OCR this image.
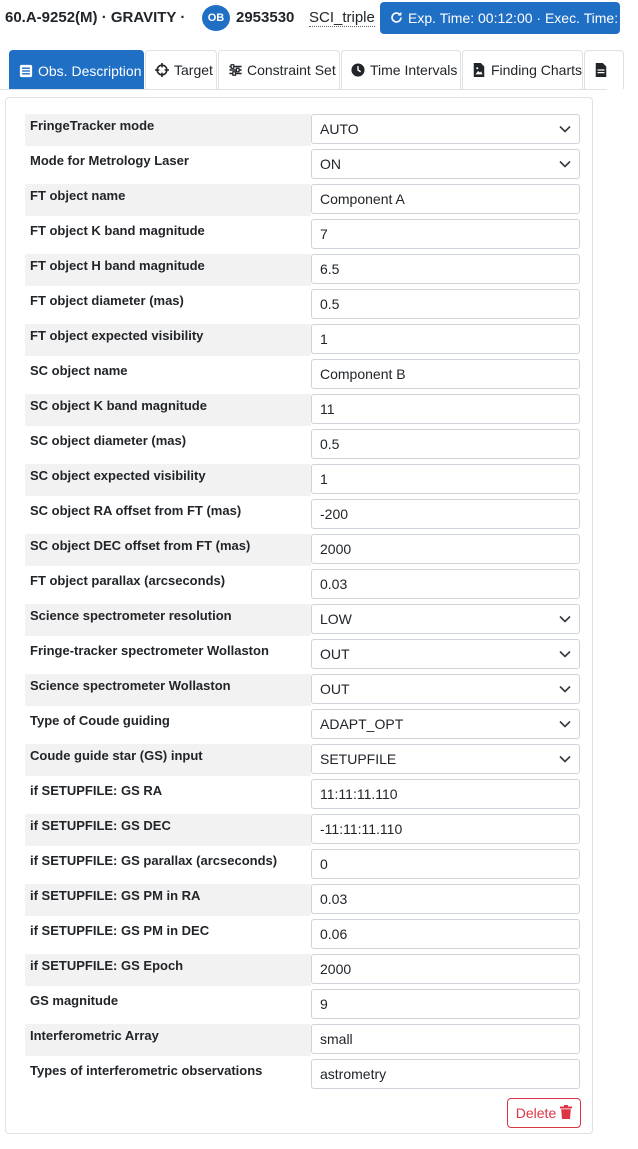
60.A-9252(M) · GRAVITY ·	OB 2953530 SCI_triple	Exp. Time: 00:12:00 · Exec. Time: 00
Obs. Description Target Constraint Set Time Intervals Finding Charts
FringeTracker mode	AUTO
Mode for Metrology Laser	ON
FT object name	Component A
FT object K band magnitude	7
FT object H band magnitude	6.5
FT object diameter (mas)	0.5
FT object expected visibility	1
SC object name	Component B
SC object K band magnitude	11
SC object diameter (mas)	0.5
SC object expected visibility	1
SC object RA offset from FT (mas)	-200
SC object DEC offset from FT (mas)	2000
FT object parallax (arcseconds)	0.03
Science spectrometer resolution	LOW
Fringe-tracker spectrometer Wollaston	OUT
Science spectrometer Wollaston	OUT
Type of Coude guiding	ADAPT_OPT
Coude guide star (GS) input	SETUPFILE
if SETUPFILE: GS RA	11:11:11.110
if SETUPFILE: GS DEC	-11:11:11.110
if SETUPFILE: GS parallax (arcseconds)	0
if SETUPFILE: GS PM in RA	0.03
if SETUPFILE: GS PM in DEC	0.06
if SETUPFILE: GS Epoch	2000
GS magnitude	9
Interferometric Array	small
Types of interferometric observations	astrometry
Delete
